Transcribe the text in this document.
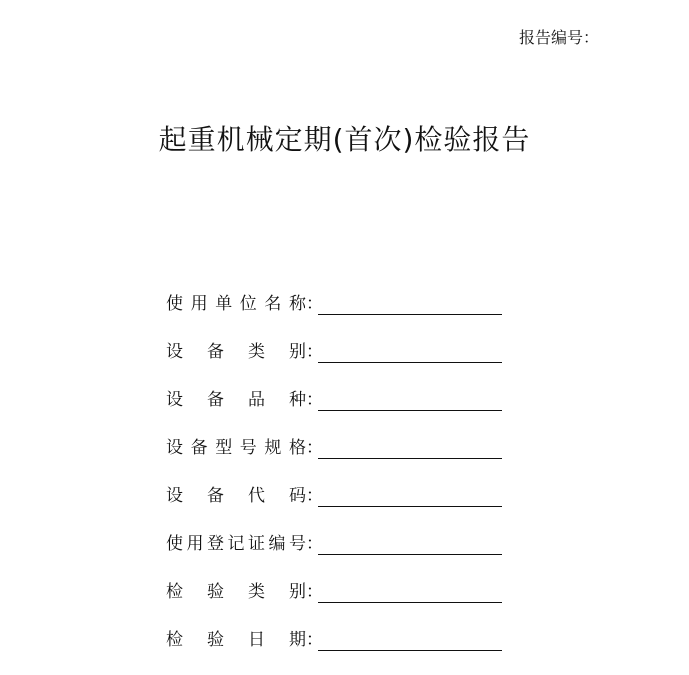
报告编号：
起重机械定期(首次)检验报告
使用单位名称 ：
设备类别 ：
设备品种 ：
设备型号规格 ：
设备代码 ：
使用登记证编号 ：
检验类别 ：
检验日期 ：
